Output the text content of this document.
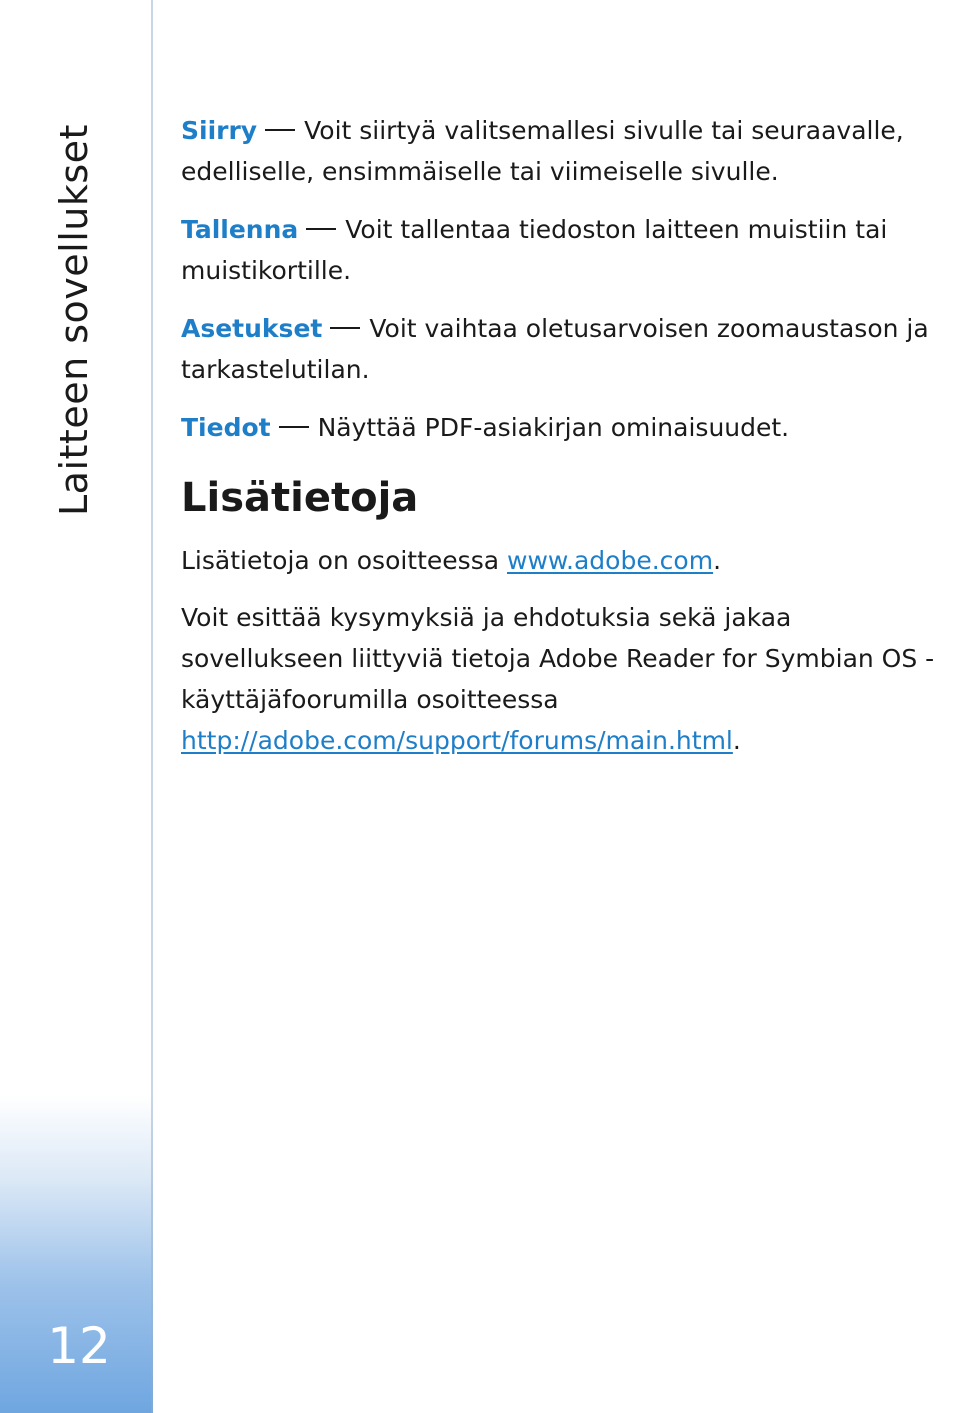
Laitteen sovellukset
12

Siirry Voit siirtyä valitsemallesi sivulle tai seuraavalle, edelliselle, ensimmäiselle tai viimeiselle sivulle.

Tallenna Voit tallentaa tiedoston laitteen muistiin tai muistikortille.

Asetukset Voit vaihtaa oletusarvoisen zoomaustason ja tarkastelutilan.

Tiedot Näyttää PDF-asiakirjan ominaisuudet.

Lisätietoja

Lisätietoja on osoitteessa www.adobe.com.

Voit esittää kysymyksiä ja ehdotuksia sekä jakaa sovellukseen liittyviä tietoja Adobe Reader for Symbian OS -käyttäjäfoorumilla osoitteessa http://adobe.com/support/forums/main.html.
